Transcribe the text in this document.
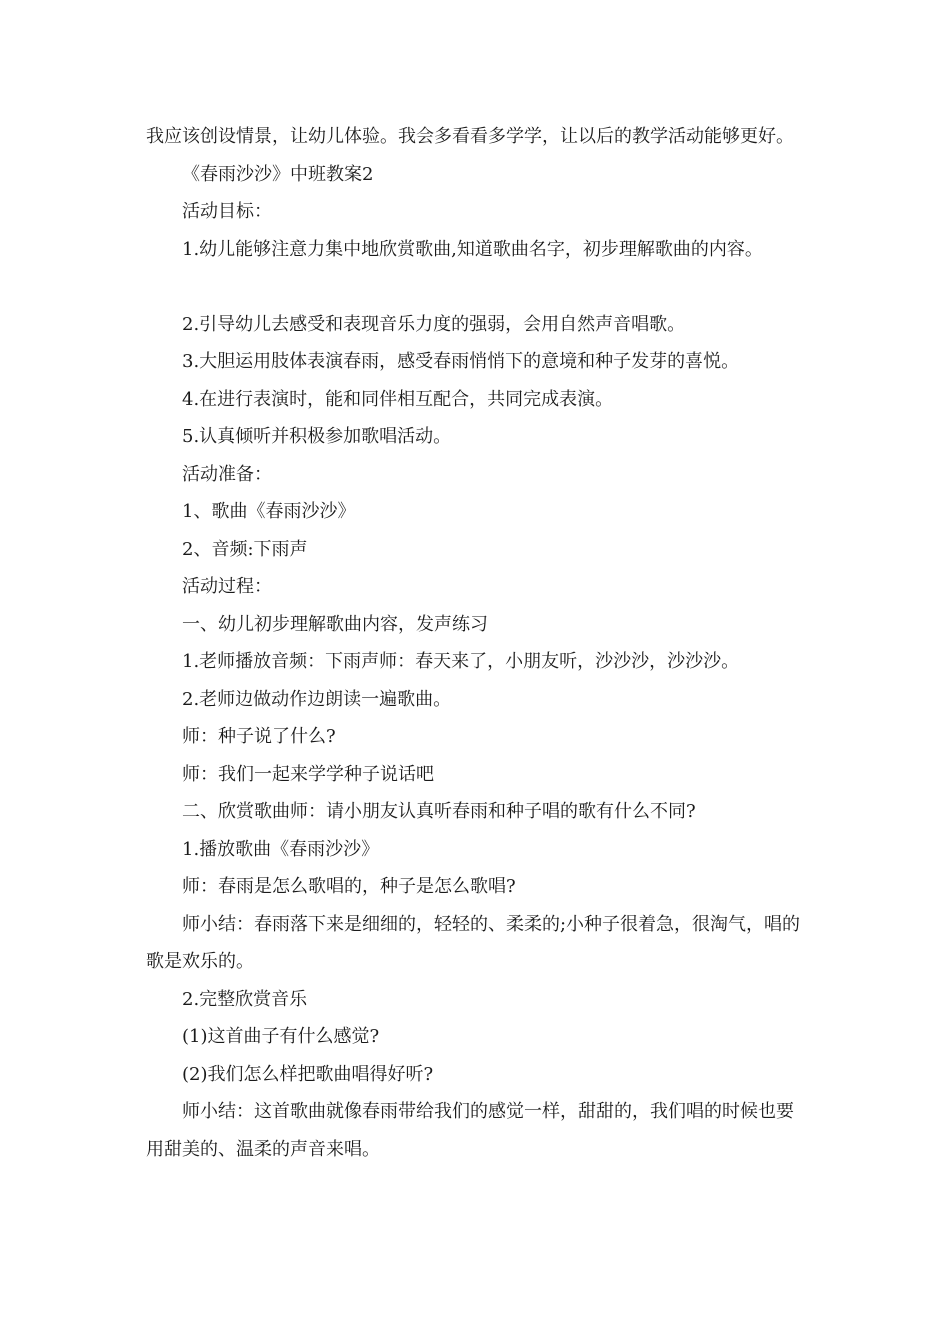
我应该创设情景，让幼儿体验。我会多看看多学学，让以后的教学活动能够更好。

《春雨沙沙》中班教案2

活动目标：

1.幼儿能够注意力集中地欣赏歌曲,知道歌曲名字，初步理解歌曲的内容。

2.引导幼儿去感受和表现音乐力度的强弱，会用自然声音唱歌。

3.大胆运用肢体表演春雨，感受春雨悄悄下的意境和种子发芽的喜悦。

4.在进行表演时，能和同伴相互配合，共同完成表演。

5.认真倾听并积极参加歌唱活动。

活动准备：

1、歌曲《春雨沙沙》

2、音频:下雨声

活动过程：

一、幼儿初步理解歌曲内容，发声练习

1.老师播放音频：下雨声师：春天来了，小朋友听，沙沙沙，沙沙沙。

2.老师边做动作边朗读一遍歌曲。

师：种子说了什么?

师：我们一起来学学种子说话吧

二、欣赏歌曲师：请小朋友认真听春雨和种子唱的歌有什么不同?

1.播放歌曲《春雨沙沙》

师：春雨是怎么歌唱的，种子是怎么歌唱?

师小结：春雨落下来是细细的，轻轻的、柔柔的;小种子很着急，很淘气，唱的歌是欢乐的。

2.完整欣赏音乐

(1)这首曲子有什么感觉?

(2)我们怎么样把歌曲唱得好听?

师小结：这首歌曲就像春雨带给我们的感觉一样，甜甜的，我们唱的时候也要用甜美的、温柔的声音来唱。
